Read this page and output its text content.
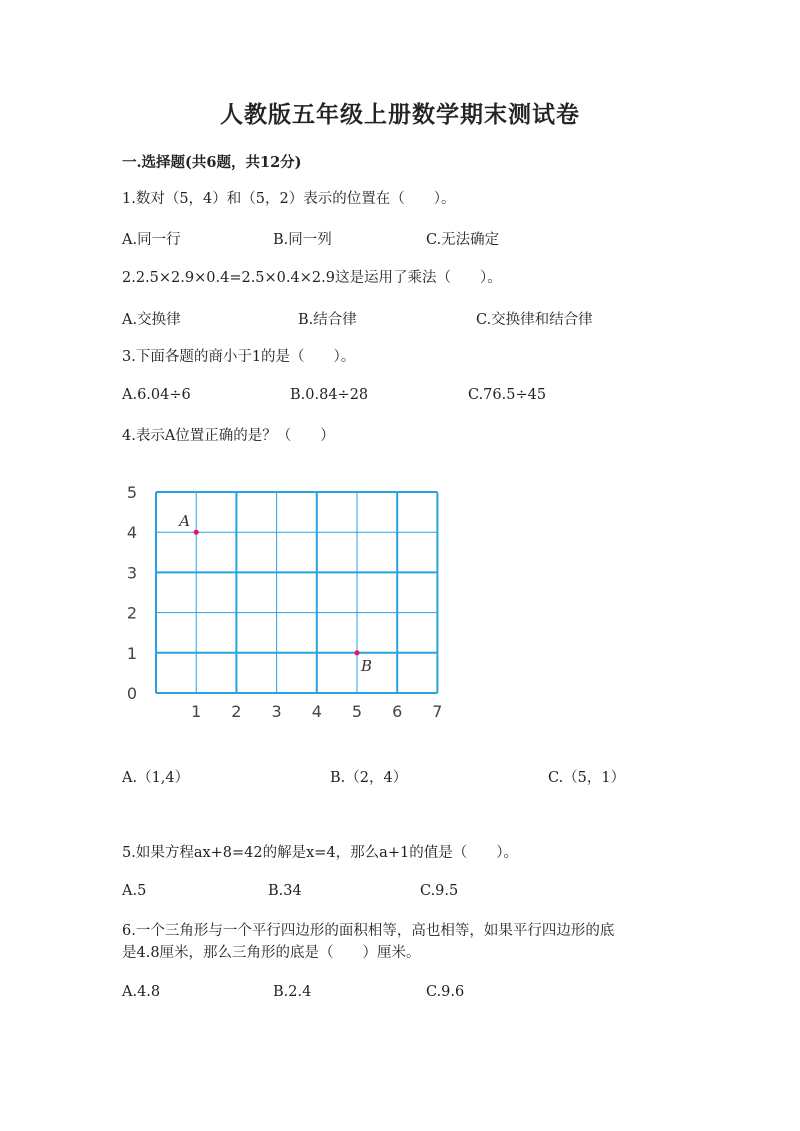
人教版五年级上册数学期末测试卷
一.选择题(共6题，共12分)
1.数对（5，4）和（5，2）表示的位置在（　　）。
A.同一行	B.同一列	C.无法确定
2.2.5×2.9×0.4=2.5×0.4×2.9这是运用了乘法（　　）。
A.交换律	B.结合律	C.交换律和结合律
3.下面各题的商小于1的是（　　）。
A.6.04÷6	B.0.84÷28	C.76.5÷45
4.表示A位置正确的是？（　　）
1 2 3 4 5 6 7
0
1
2
3
4
5
A
B
A.（1,4）	B.（2，4）	C.（5，1）
5.如果方程ax+8=42的解是x=4，那么a+1的值是（　　）。
A.5	B.34	C.9.5
6.一个三角形与一个平行四边形的面积相等，高也相等，如果平行四边形的底
是4.8厘米，那么三角形的底是（　　）厘米。
A.4.8	B.2.4	C.9.6
